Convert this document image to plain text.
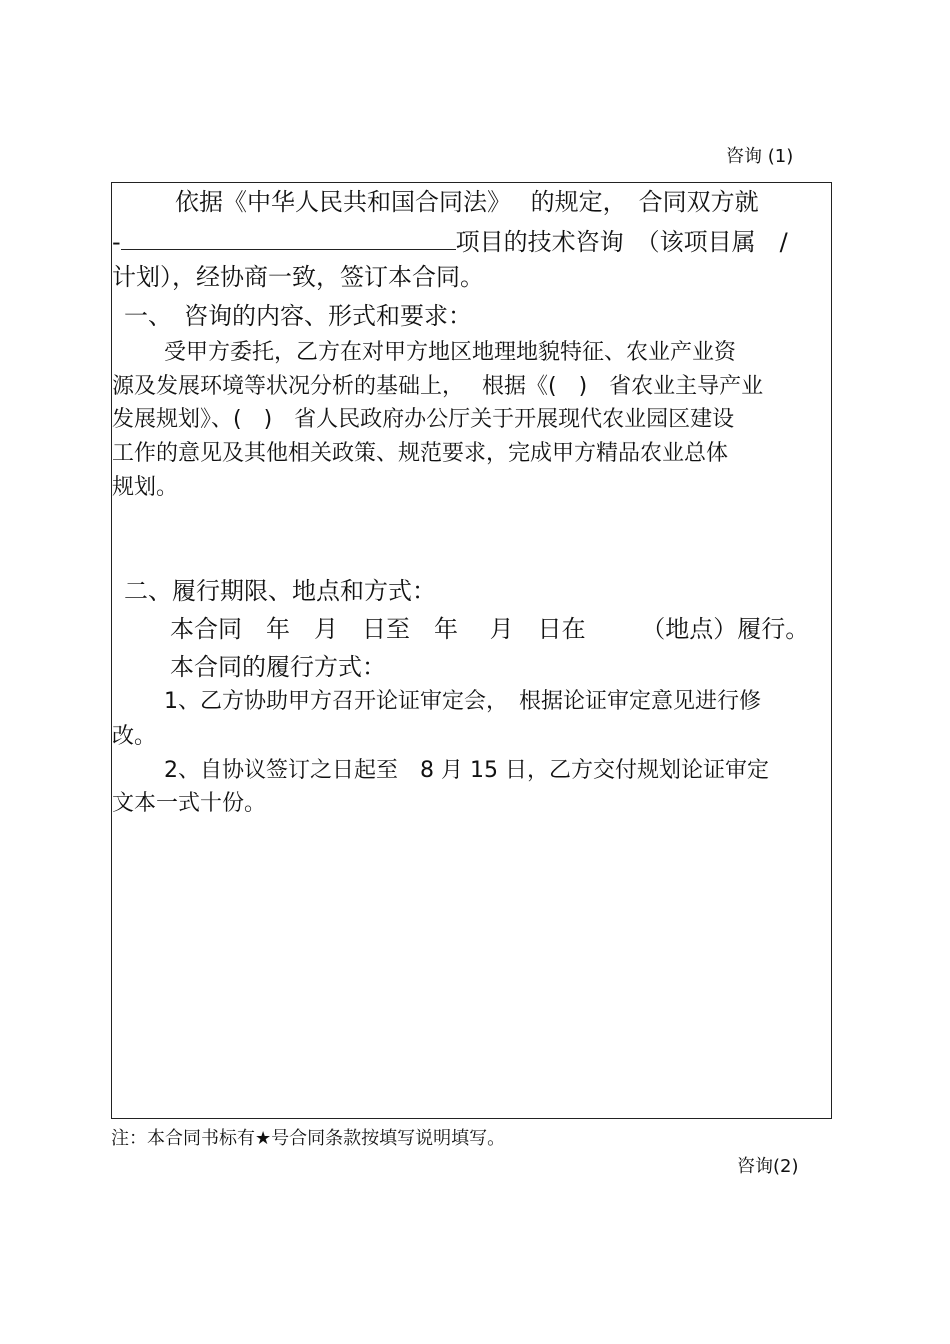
咨询 (1)
依据《中华人民共和国合同法》　 的规定，　合同双方就
-	项目的技术咨询　（该项目属　/
计划），经协商一致，签订本合同。
一、　咨询的内容、形式和要求：
受甲方委托，乙方在对甲方地区地理地貌特征、农业产业资
源及发展环境等状况分析的基础上，　 根据《(　)　省农业主导产业
发展规划》、(　)　省人民政府办公厅关于开展现代农业园区建设
工作的意见及其他相关政策、规范要求，完成甲方精品农业总体
规划。
二、履行期限、地点和方式：
本合同　年　月　日至　年　 月　日在　　 （地点）履行。
本合同的履行方式：
1、乙方协助甲方召开论证审定会，　根据论证审定意见进行修
改。
2、自协议签订之日起至　8 月 15 日，乙方交付规划论证审定
文本一式十份。
注：本合同书标有★号合同条款按填写说明填写。
咨询(2)
